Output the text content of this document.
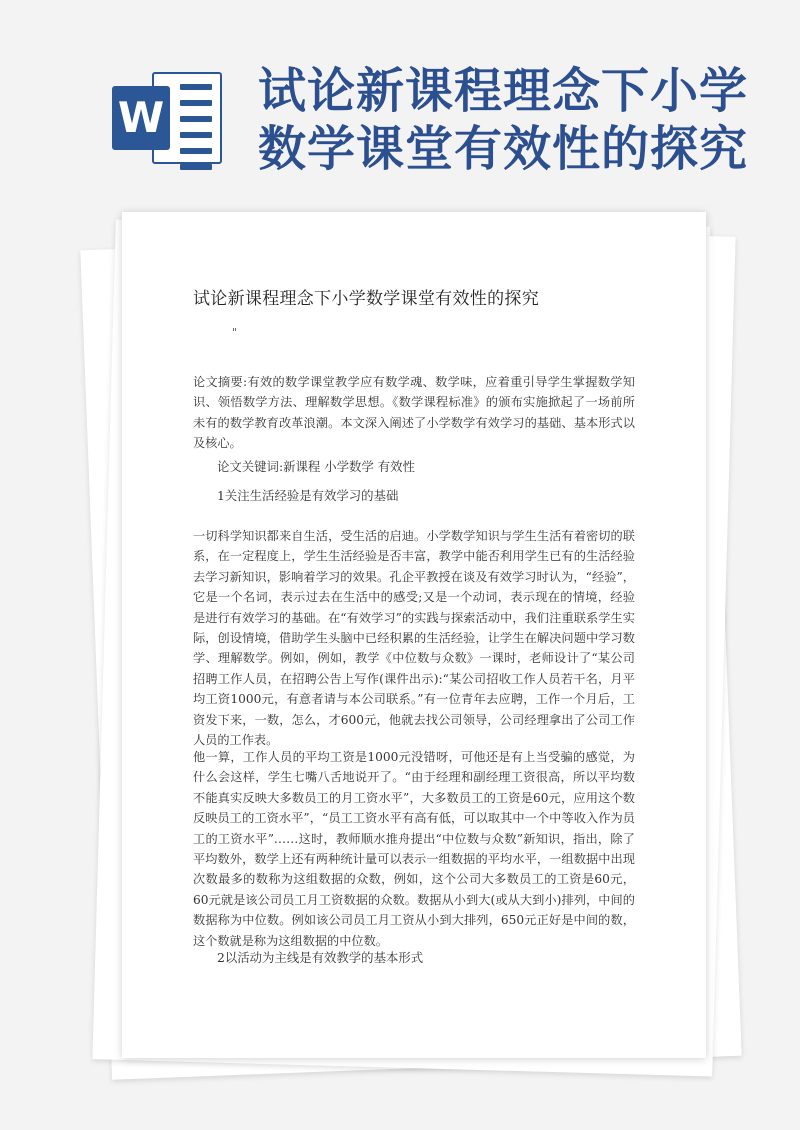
W 试论新课程理念下小学
数学课堂有效性的探究
试论新课程理念下小学数学课堂有效性的探究
"
论文摘要:有效的数学课堂教学应有数学魂、数学味，应着重引导学生掌握数学知识、领悟数学方法、理解数学思想。《数学课程标准》的颁布实施掀起了一场前所未有的数学教育改革浪潮。本文深入阐述了小学数学有效学习的基础、基本形式以及核心。
论文关键词:新课程 小学数学 有效性
1关注生活经验是有效学习的基础
一切科学知识都来自生活，受生活的启迪。小学数学知识与学生生活有着密切的联系，在一定程度上，学生生活经验是否丰富，教学中能否利用学生已有的生活经验去学习新知识，影响着学习的效果。孔企平教授在谈及有效学习时认为，“经验”，它是一个名词，表示过去在生活中的感受;又是一个动词，表示现在的情境，经验是进行有效学习的基础。在“有效学习”的实践与探索活动中，我们注重联系学生实际，创设情境，借助学生头脑中已经积累的生活经验，让学生在解决问题中学习数学、理解数学。例如，例如，教学《中位数与众数》一课时，老师设计了“某公司招聘工作人员，在招聘公告上写作(课件出示):“某公司招收工作人员若干名，月平均工资1000元，有意者请与本公司联系。”有一位青年去应聘，工作一个月后，工资发下来，一数，怎么，才600元，他就去找公司领导，公司经理拿出了公司工作人员的工作表。
他一算，工作人员的平均工资是1000元没错呀，可他还是有上当受骗的感觉，为什么会这样，学生七嘴八舌地说开了。“由于经理和副经理工资很高，所以平均数不能真实反映大多数员工的月工资水平”，大多数员工的工资是60元，应用这个数反映员工的工资水平”，“员工工资水平有高有低，可以取其中一个中等收入作为员工的工资水平”……这时，教师顺水推舟提出“中位数与众数”新知识，指出，除了平均数外，数学上还有两种统计量可以表示一组数据的平均水平，一组数据中出现次数最多的数称为这组数据的众数，例如，这个公司大多数员工的工资是60元，60元就是该公司员工月工资数据的众数。数据从小到大(或从大到小)排列，中间的数据称为中位数。例如该公司员工月工资从小到大排列，650元正好是中间的数，这个数就是称为这组数据的中位数。
2以活动为主线是有效教学的基本形式
